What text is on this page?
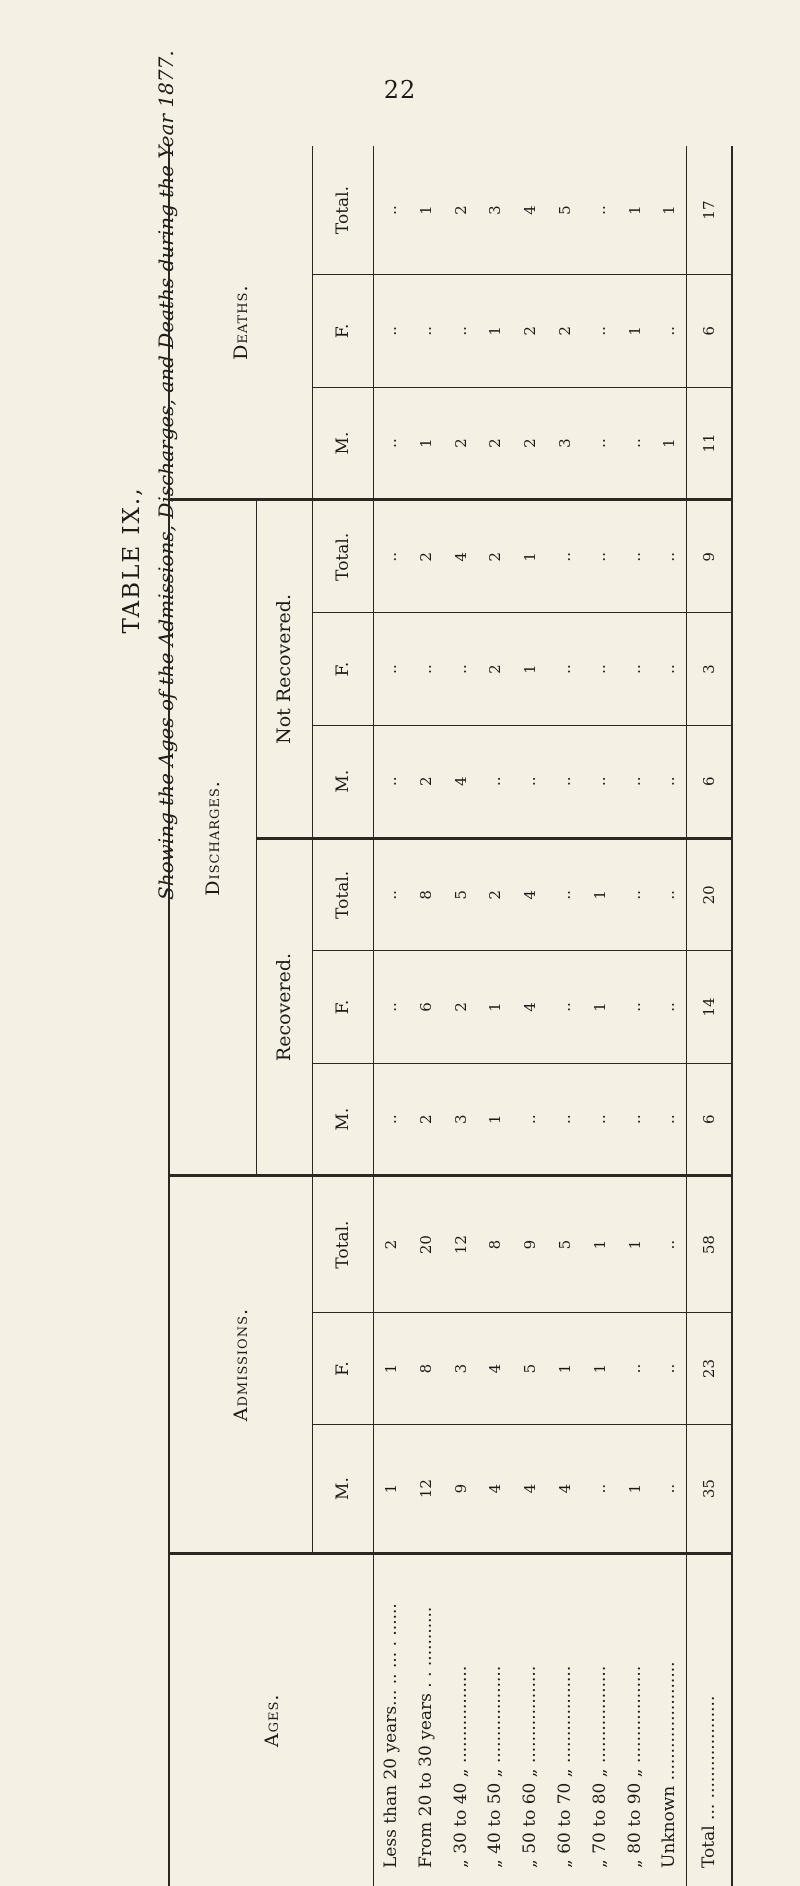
22
TABLE IX., Showing the Ages of the Admissions, Discharges, and Deaths during the Year 1877.
Ages.	Admissions.			Discharges.						Deaths.		
				Recovered.			Not Recovered.					
	M.	F.	Total.	M.	F.	Total.	M.	F.	Total.	M.	F.	Total.
Less than 20 years... .. ... . ......	1	1	2	..	..	..	..	..	..	..	..	..
From 20 to 30 years . . ...........	12	8	20	2	6	8	2	..	2	1	..	1
„ 30 to 40 „ ..................	9	3	12	3	2	5	4	..	4	2	..	2
„ 40 to 50 „ ..................	4	4	8	1	1	2	..	2	2	2	1	3
„ 50 to 60 „ ..................	4	5	9	..	4	4	..	1	1	2	2	4
„ 60 to 70 „ ..................	4	1	5	..	..	..	..	..	..	3	2	5
„ 70 to 80 „ ..................	..	1	1	..	1	1	..	..	..	..	..	..
„ 80 to 90 „ ..................	1	..	1	..	..	..	..	..	..	..	1	1
Unknown ......................	..	..	..	..	..	..	..	..	..	1	..	1
Total ... ...................	35	23	58	6	14	20	6	3	9	11	6	17
